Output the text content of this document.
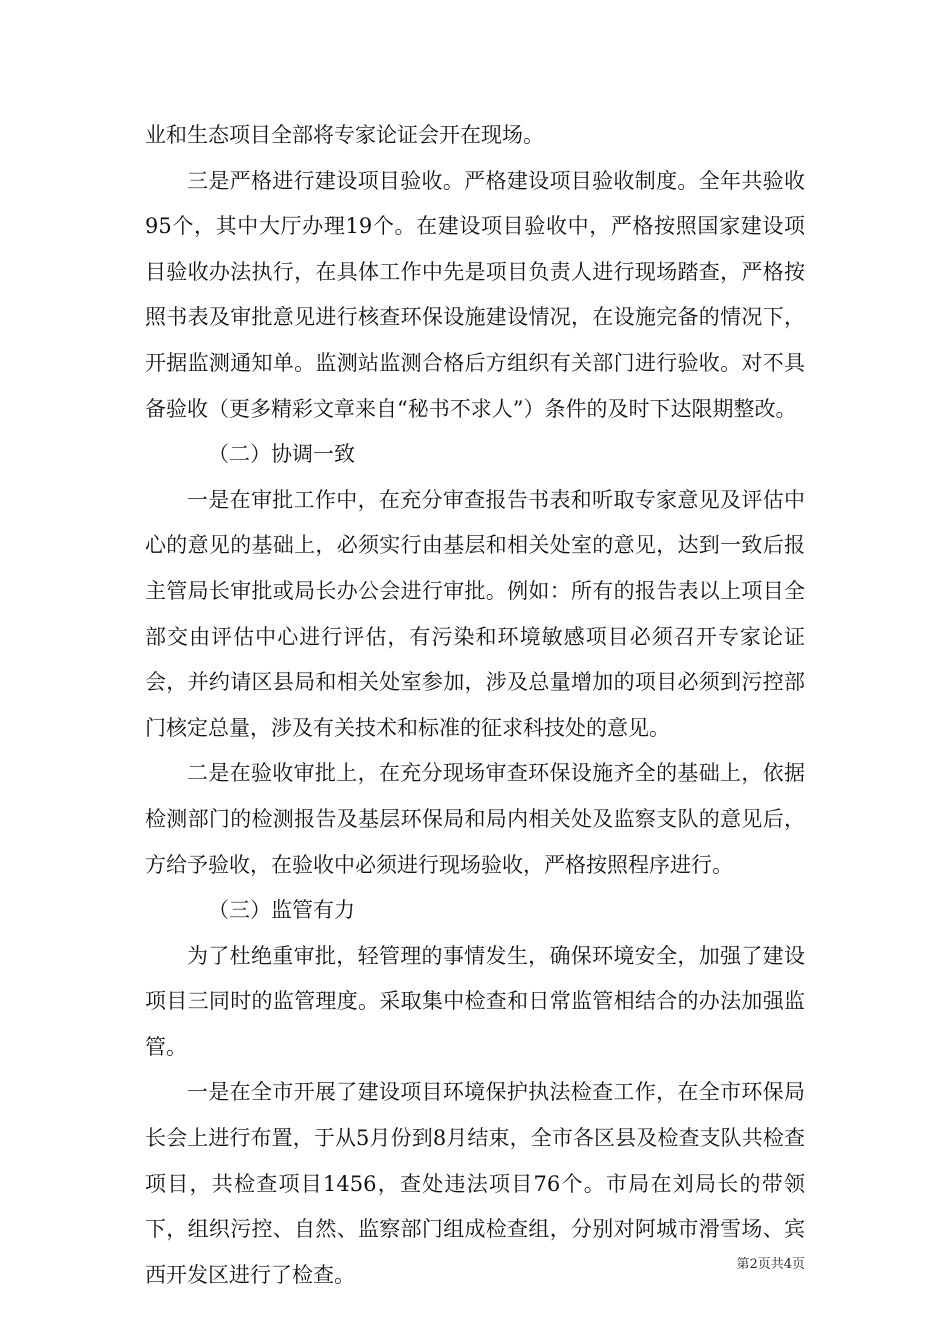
业和生态项目全部将专家论证会开在现场。

三是严格进行建设项目验收。严格建设项目验收制度。全年共验收95个，其中大厅办理19个。在建设项目验收中，严格按照国家建设项目验收办法执行，在具体工作中先是项目负责人进行现场踏查，严格按照书表及审批意见进行核查环保设施建设情况，在设施完备的情况下，开据监测通知单。监测站监测合格后方组织有关部门进行验收。对不具备验收（更多精彩文章来自“秘书不求人”）条件的及时下达限期整改。

（二）协调一致

一是在审批工作中，在充分审查报告书表和听取专家意见及评估中心的意见的基础上，必须实行由基层和相关处室的意见，达到一致后报主管局长审批或局长办公会进行审批。例如：所有的报告表以上项目全部交由评估中心进行评估，有污染和环境敏感项目必须召开专家论证会，并约请区县局和相关处室参加，涉及总量增加的项目必须到污控部门核定总量，涉及有关技术和标准的征求科技处的意见。

二是在验收审批上，在充分现场审查环保设施齐全的基础上，依据检测部门的检测报告及基层环保局和局内相关处及监察支队的意见后，方给予验收，在验收中必须进行现场验收，严格按照程序进行。

（三）监管有力

为了杜绝重审批，轻管理的事情发生，确保环境安全，加强了建设项目三同时的监管理度。采取集中检查和日常监管相结合的办法加强监管。

一是在全市开展了建设项目环境保护执法检查工作，在全市环保局长会上进行布置，于从5月份到8月结束，全市各区县及检查支队共检查项目，共检查项目1456，查处违法项目76个。市局在刘局长的带领下，组织污控、自然、监察部门组成检查组，分别对阿城市滑雪场、宾西开发区进行了检查。	第2页共4页
